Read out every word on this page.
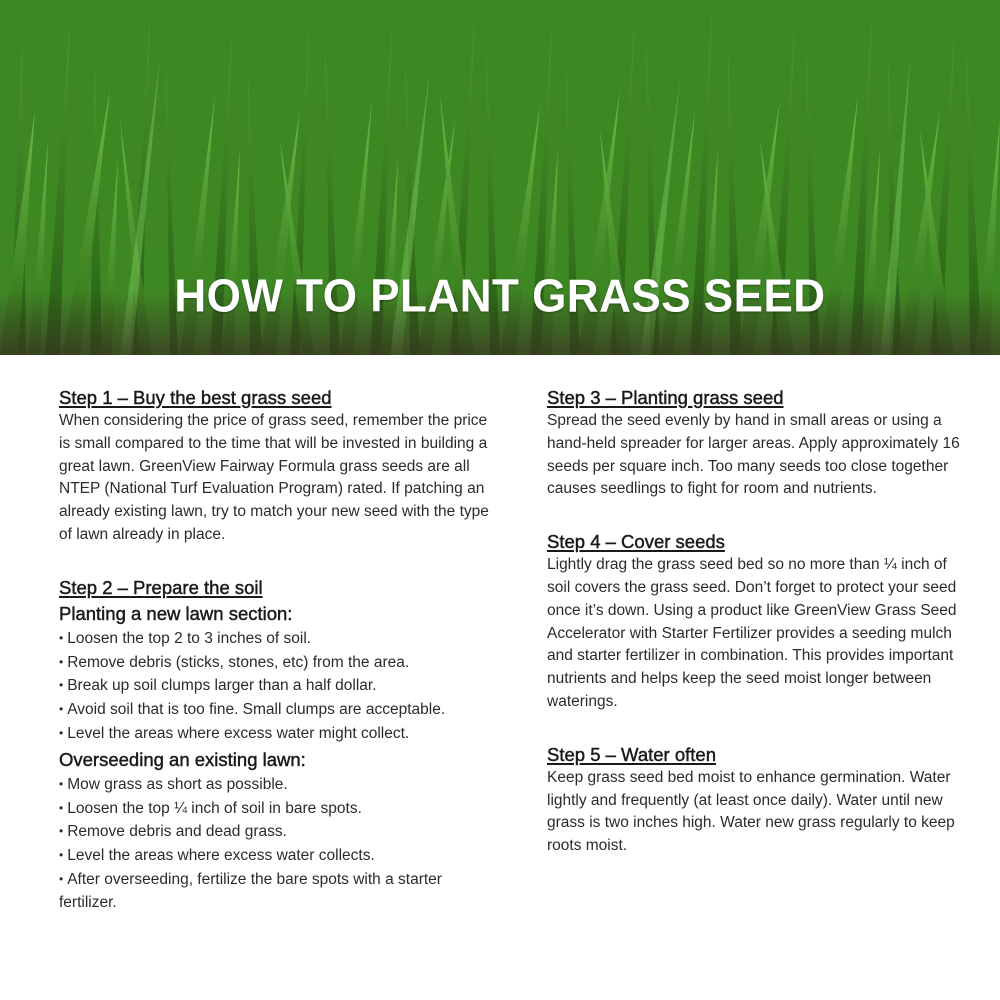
HOW TO PLANT GRASS SEED
Step 1 – Buy the best grass seed

When considering the price of grass seed, remember the price is small compared to the time that will be invested in building a great lawn. GreenView Fairway Formula grass seeds are all NTEP (National Turf Evaluation Program) rated. If patching an already existing lawn, try to match your new seed with the type of lawn already in place.

Step 2 – Prepare the soil
Planting a new lawn section:
• Loosen the top 2 to 3 inches of soil.
• Remove debris (sticks, stones, etc) from the area.
• Break up soil clumps larger than a half dollar.
• Avoid soil that is too fine. Small clumps are acceptable.
• Level the areas where excess water might collect.
Overseeding an existing lawn:
• Mow grass as short as possible.
• Loosen the top ¼ inch of soil in bare spots.
• Remove debris and dead grass.
• Level the areas where excess water collects.
• After overseeding, fertilize the bare spots with a starter fertilizer.
Step 3 – Planting grass seed

Spread the seed evenly by hand in small areas or using a hand-held spreader for larger areas. Apply approximately 16 seeds per square inch. Too many seeds too close together causes seedlings to fight for room and nutrients.

Step 4 – Cover seeds

Lightly drag the grass seed bed so no more than ¼ inch of soil covers the grass seed. Don’t forget to protect your seed once it’s down. Using a product like GreenView Grass Seed Accelerator with Starter Fertilizer provides a seeding mulch and starter fertilizer in combination. This provides important nutrients and helps keep the seed moist longer between waterings.

Step 5 – Water often

Keep grass seed bed moist to enhance germination. Water lightly and frequently (at least once daily). Water until new grass is two inches high. Water new grass regularly to keep roots moist.
